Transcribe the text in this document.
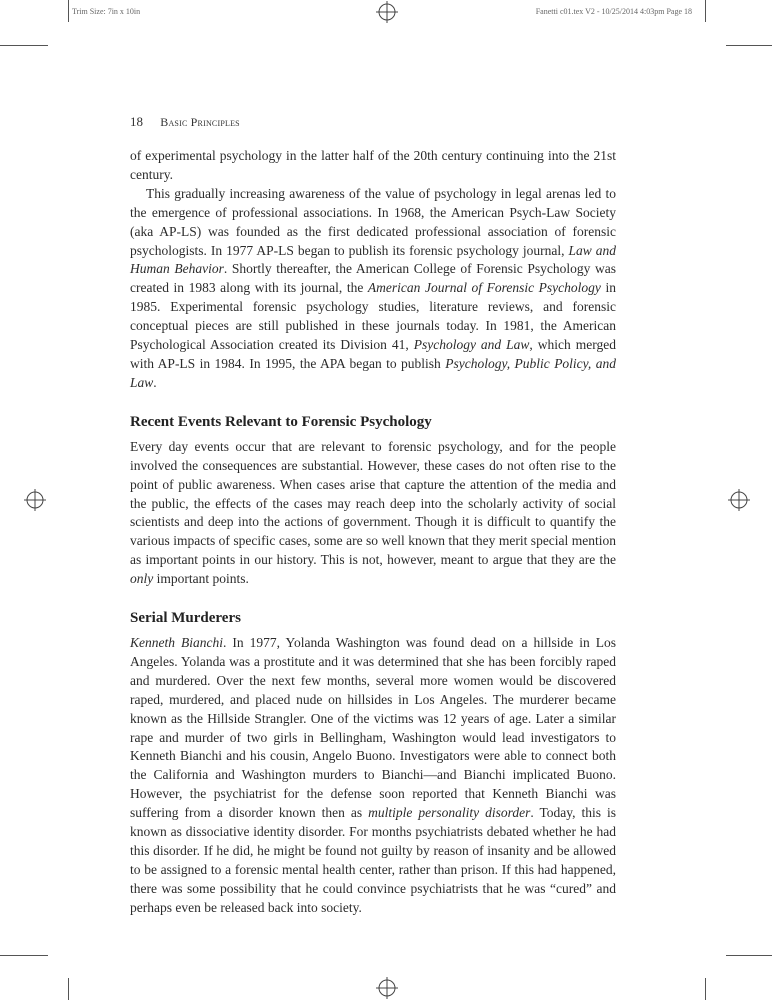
Trim Size: 7in x 10in	Fanetti c01.tex V2 - 10/25/2014 4:03pm Page 18
18 Basic Principles

of experimental psychology in the latter half of the 20th century continuing into the 21st century.

This gradually increasing awareness of the value of psychology in legal arenas led to the emergence of professional associations. In 1968, the American Psych-Law Society (aka AP-LS) was founded as the first dedicated professional association of forensic psychologists. In 1977 AP-LS began to publish its forensic psychology journal, Law and Human Behavior. Shortly thereafter, the American College of Forensic Psychology was created in 1983 along with its journal, the American Journal of Forensic Psychology in 1985. Experimental forensic psychology studies, literature reviews, and forensic conceptual pieces are still published in these journals today. In 1981, the American Psychological Association created its Division 41, Psychology and Law, which merged with AP-LS in 1984. In 1995, the APA began to publish Psychology, Public Policy, and Law.

Recent Events Relevant to Forensic Psychology

Every day events occur that are relevant to forensic psychology, and for the people involved the consequences are substantial. However, these cases do not often rise to the point of public awareness. When cases arise that capture the attention of the media and the public, the effects of the cases may reach deep into the scholarly activity of social scientists and deep into the actions of government. Though it is difficult to quantify the various impacts of specific cases, some are so well known that they merit special mention as important points in our history. This is not, however, meant to argue that they are the only important points.

Serial Murderers

Kenneth Bianchi. In 1977, Yolanda Washington was found dead on a hillside in Los Angeles. Yolanda was a prostitute and it was determined that she has been forcibly raped and murdered. Over the next few months, several more women would be discovered raped, murdered, and placed nude on hillsides in Los Angeles. The murderer became known as the Hillside Strangler. One of the victims was 12 years of age. Later a similar rape and murder of two girls in Bellingham, Washington would lead investigators to Kenneth Bianchi and his cousin, Angelo Buono. Investigators were able to connect both the California and Washington murders to Bianchi—and Bianchi implicated Buono. However, the psychiatrist for the defense soon reported that Kenneth Bianchi was suffering from a disorder known then as multiple personality disorder. Today, this is known as dissociative identity disorder. For months psychiatrists debated whether he had this disorder. If he did, he might be found not guilty by reason of insanity and be allowed to be assigned to a forensic mental health center, rather than prison. If this had happened, there was some possibility that he could convince psychiatrists that he was “cured” and perhaps even be released back into society.
